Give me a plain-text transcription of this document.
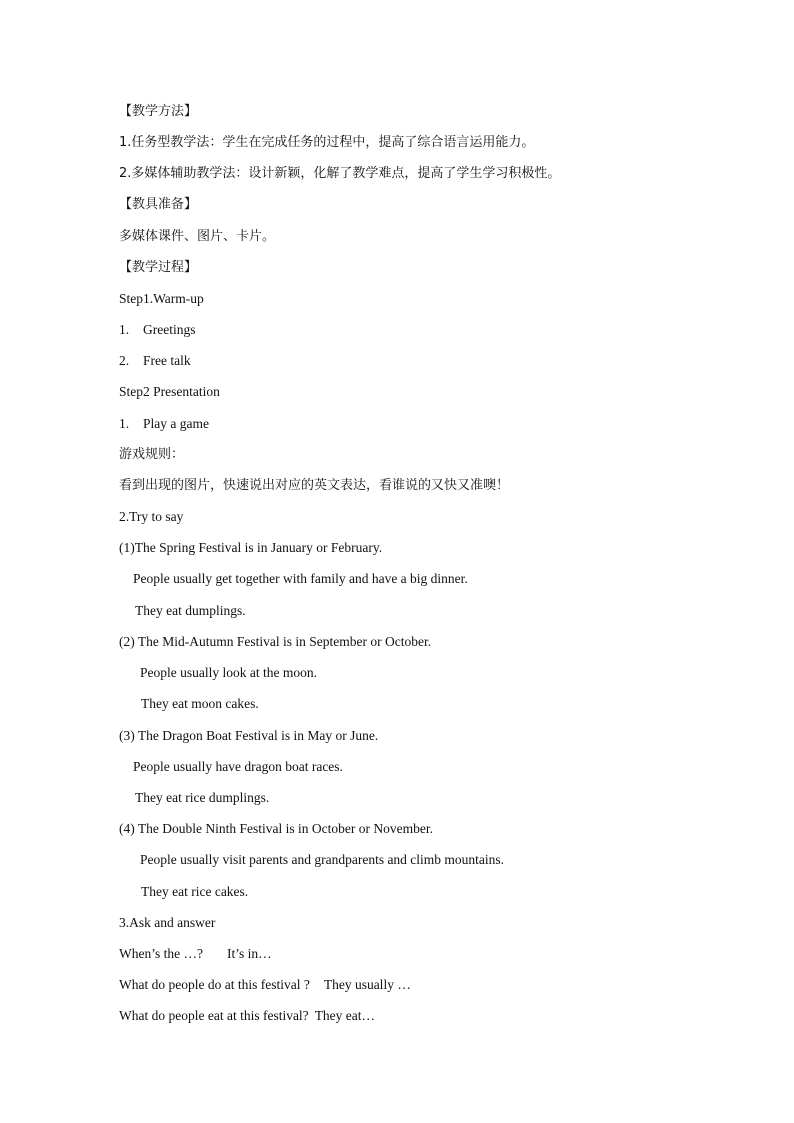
【教学方法】
1.任务型教学法：学生在完成任务的过程中，提高了综合语言运用能力。
2.多媒体辅助教学法：设计新颖，化解了教学难点，提高了学生学习积极性。
【教具准备】
多媒体课件、图片、卡片。
【教学过程】
Step1.Warm-up
1. Greetings
2. Free talk
Step2 Presentation
1. Play a game
游戏规则：
看到出现的图片，快速说出对应的英文表达，看谁说的又快又准噢！
2.Try to say
(1)The Spring Festival is in January or February.
People usually get together with family and have a big dinner.
They eat dumplings.
(2) The Mid-Autumn Festival is in September or October.
People usually look at the moon.
They eat moon cakes.
(3) The Dragon Boat Festival is in May or June.
People usually have dragon boat races.
They eat rice dumplings.
(4) The Double Ninth Festival is in October or November.
People usually visit parents and grandparents and climb mountains.
They eat rice cakes.
3.Ask and answer
When’s the …? It’s in…
What do people do at this festival ? They usually …
What do people eat at this festival? They eat…
